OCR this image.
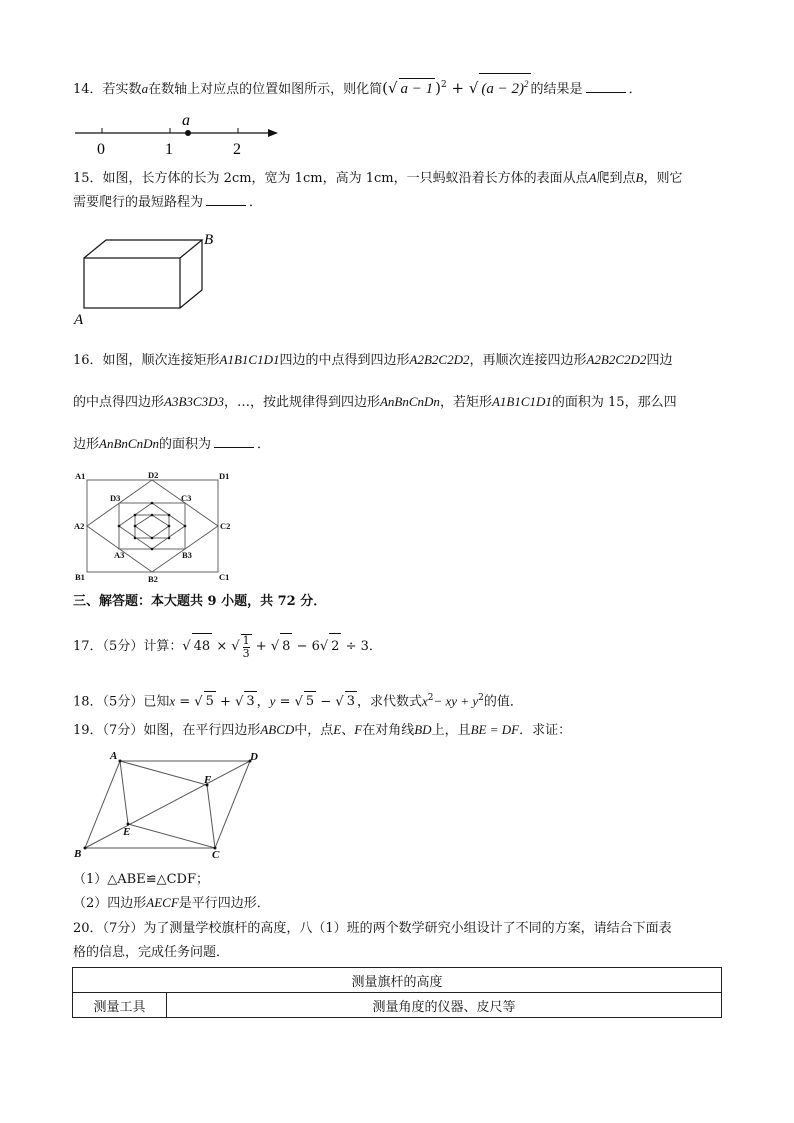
14．若实数a在数轴上对应点的位置如图所示，则化简(√ a − 1 )$^2$ + √ $(a - 2)^2$ 的结果是	．
a
0	1	2
15．如图，长方体的长为 2cm，宽为 1cm，高为 1cm，一只蚂蚁沿着长方体的表面从点A爬到点B，则它
需要爬行的最短路程为	．
B
A
16．如图，顺次连接矩形A1B1C1D1四边的中点得到四边形A2B2C2D2，再顺次连接四边形A2B2C2D2四边
的中点得四边形A3B3C3D3，…，按此规律得到四边形AnBnCnDn，若矩形A1B1C1D1的面积为 15，那么四
边形AnBnCnDn的面积为	．
A1	D1
B1	C1
A2	C2
D2
B2
D3	C3
A3	B3
三、解答题：本大题共 9 小题，共 72 分．
17．（5分）计算：√ 48 × √ $\frac{1}{3}$ + √ 8 − 6√ 2 ÷ 3．
18．（5分）已知x = √ 5 + √ 3 ，y = √ 5 − √ 3 ，求代数式$x^2-$ xy + $y^2$的值．
19．（7分）如图，在平行四边形ABCD中，点E、F在对角线BD上，且BE = DF．求证：
A	D
B	C
E
F
（1）△ABE≌△CDF；
（2）四边形AECF是平行四边形．
20．（7分）为了测量学校旗杆的高度，八（1）班的两个数学研究小组设计了不同的方案，请结合下面表
格的信息，完成任务问题．
测量旗杆的高度
测量工具	测量角度的仪器、皮尺等
